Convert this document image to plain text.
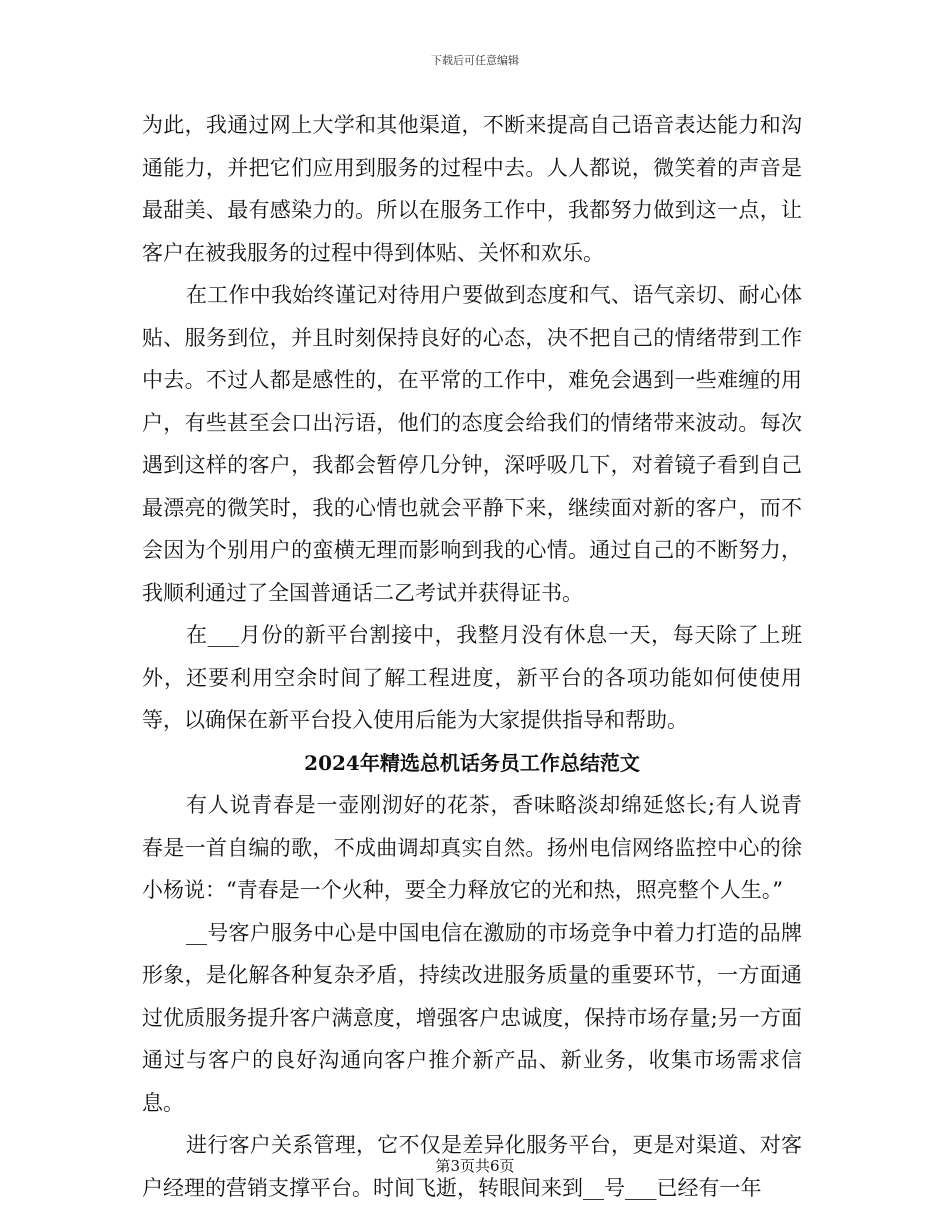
下载后可任意编辑

为此，我通过网上大学和其他渠道，不断来提高自己语音表达能力和沟通能力，并把它们应用到服务的过程中去。人人都说，微笑着的声音是最甜美、最有感染力的。所以在服务工作中，我都努力做到这一点，让客户在被我服务的过程中得到体贴、关怀和欢乐。

在工作中我始终谨记对待用户要做到态度和气、语气亲切、耐心体贴、服务到位，并且时刻保持良好的心态，决不把自己的情绪带到工作中去。不过人都是感性的，在平常的工作中，难免会遇到一些难缠的用户，有些甚至会口出污语，他们的态度会给我们的情绪带来波动。每次遇到这样的客户，我都会暂停几分钟，深呼吸几下，对着镜子看到自己最漂亮的微笑时，我的心情也就会平静下来，继续面对新的客户，而不会因为个别用户的蛮横无理而影响到我的心情。通过自己的不断努力，我顺利通过了全国普通话二乙考试并获得证书。

在___月份的新平台割接中，我整月没有休息一天，每天除了上班外，还要利用空余时间了解工程进度，新平台的各项功能如何使使用等，以确保在新平台投入使用后能为大家提供指导和帮助。

2024年精选总机话务员工作总结范文

有人说青春是一壶刚沏好的花茶，香味略淡却绵延悠长;有人说青春是一首自编的歌，不成曲调却真实自然。扬州电信网络监控中心的徐小杨说：“青春是一个火种，要全力释放它的光和热，照亮整个人生。”

__号客户服务中心是中国电信在激励的市场竞争中着力打造的品牌形象，是化解各种复杂矛盾，持续改进服务质量的重要环节，一方面通过优质服务提升客户满意度，增强客户忠诚度，保持市场存量;另一方面通过与客户的良好沟通向客户推介新产品、新业务，收集市场需求信息。

进行客户关系管理，它不仅是差异化服务平台，更是对渠道、对客户经理的营销支撑平台。时间飞逝，转眼间来到__号___已经有一年

第3页共6页
